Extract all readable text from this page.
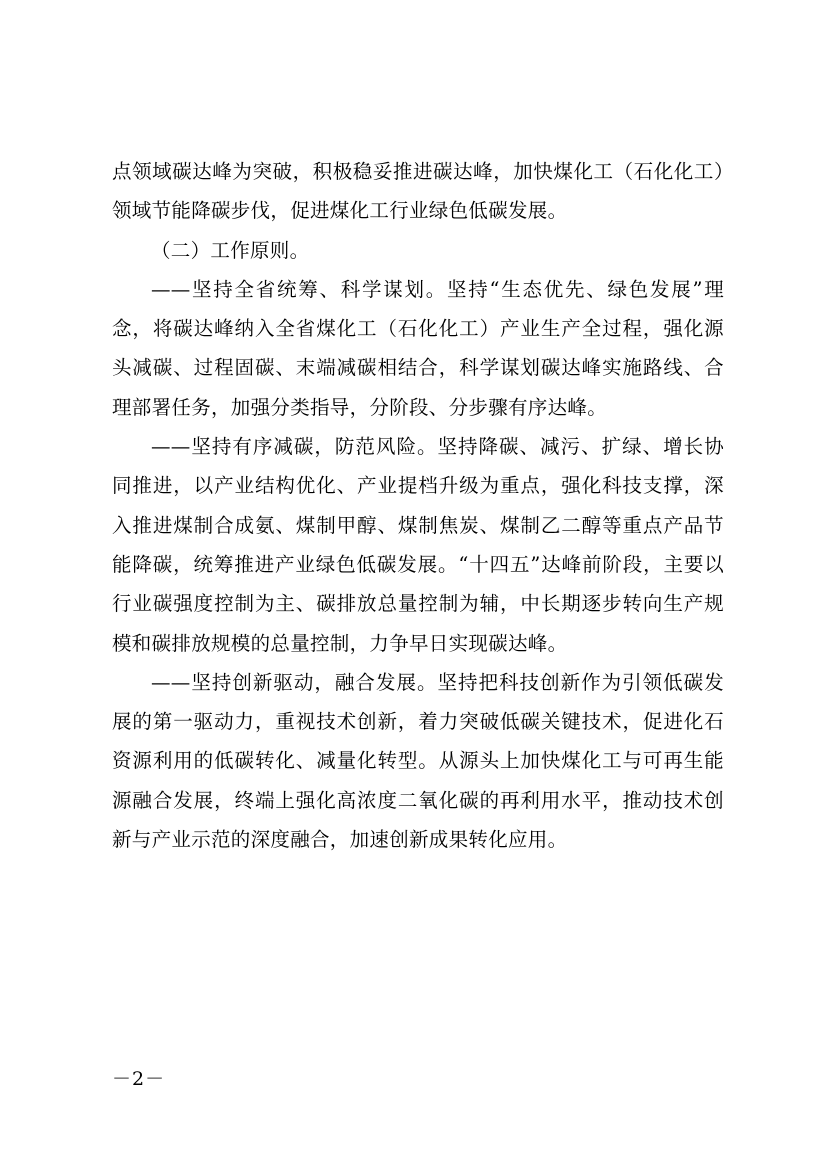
点领域碳达峰为突破，积极稳妥推进碳达峰，加快煤化工（石化化工）领域节能降碳步伐，促进煤化工行业绿色低碳发展。

（二）工作原则。

——坚持全省统筹、科学谋划。坚持“生态优先、绿色发展”理念，将碳达峰纳入全省煤化工（石化化工）产业生产全过程，强化源头减碳、过程固碳、末端减碳相结合，科学谋划碳达峰实施路线、合理部署任务，加强分类指导，分阶段、分步骤有序达峰。

——坚持有序减碳，防范风险。坚持降碳、减污、扩绿、增长协同推进，以产业结构优化、产业提档升级为重点，强化科技支撑，深入推进煤制合成氨、煤制甲醇、煤制焦炭、煤制乙二醇等重点产品节能降碳，统筹推进产业绿色低碳发展。“十四五”达峰前阶段，主要以行业碳强度控制为主、碳排放总量控制为辅，中长期逐步转向生产规模和碳排放规模的总量控制，力争早日实现碳达峰。

——坚持创新驱动，融合发展。坚持把科技创新作为引领低碳发展的第一驱动力，重视技术创新，着力突破低碳关键技术，促进化石资源利用的低碳转化、减量化转型。从源头上加快煤化工与可再生能源融合发展，终端上强化高浓度二氧化碳的再利用水平，推动技术创新与产业示范的深度融合，加速创新成果转化应用。

－2－
